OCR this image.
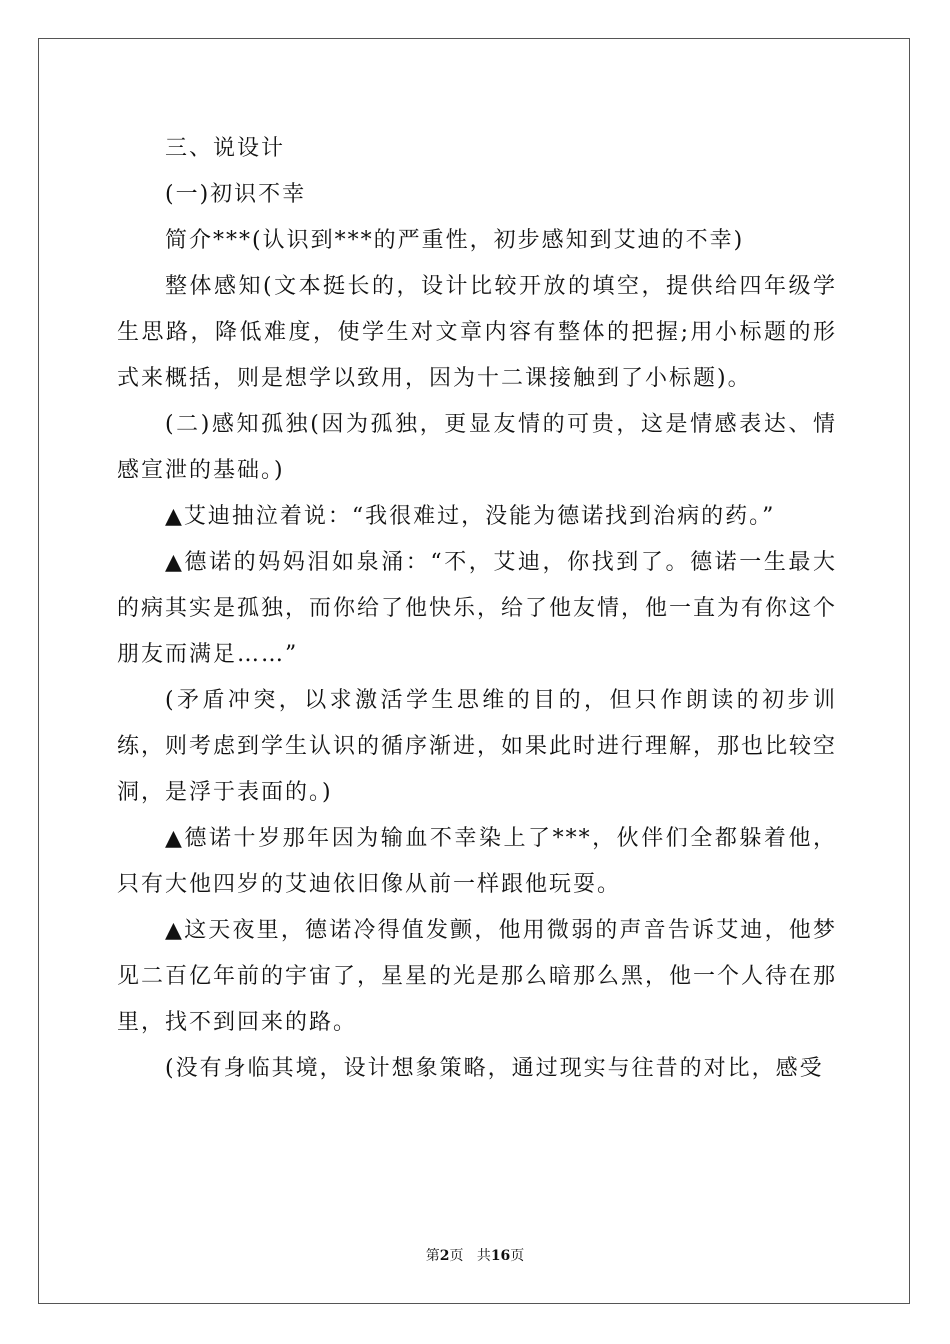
三、说设计

(一)初识不幸

简介***(认识到***的严重性，初步感知到艾迪的不幸)

整体感知(文本挺长的，设计比较开放的填空，提供给四年级学生思路，降低难度，使学生对文章内容有整体的把握;用小标题的形式来概括，则是想学以致用，因为十二课接触到了小标题)。

(二)感知孤独(因为孤独，更显友情的可贵，这是情感表达、情感宣泄的基础。)

▲艾迪抽泣着说：“我很难过，没能为德诺找到治病的药。”

▲德诺的妈妈泪如泉涌：“不，艾迪，你找到了。德诺一生最大的病其实是孤独，而你给了他快乐，给了他友情，他一直为有你这个朋友而满足……”

(矛盾冲突，以求激活学生思维的目的，但只作朗读的初步训练，则考虑到学生认识的循序渐进，如果此时进行理解，那也比较空洞，是浮于表面的。)

▲德诺十岁那年因为输血不幸染上了***，伙伴们全都躲着他，只有大他四岁的艾迪依旧像从前一样跟他玩耍。

▲这天夜里，德诺冷得值发颤，他用微弱的声音告诉艾迪，他梦见二百亿年前的宇宙了，星星的光是那么暗那么黑，他一个人待在那里，找不到回来的路。

(没有身临其境，设计想象策略，通过现实与往昔的对比，感受

第2页 共16页
